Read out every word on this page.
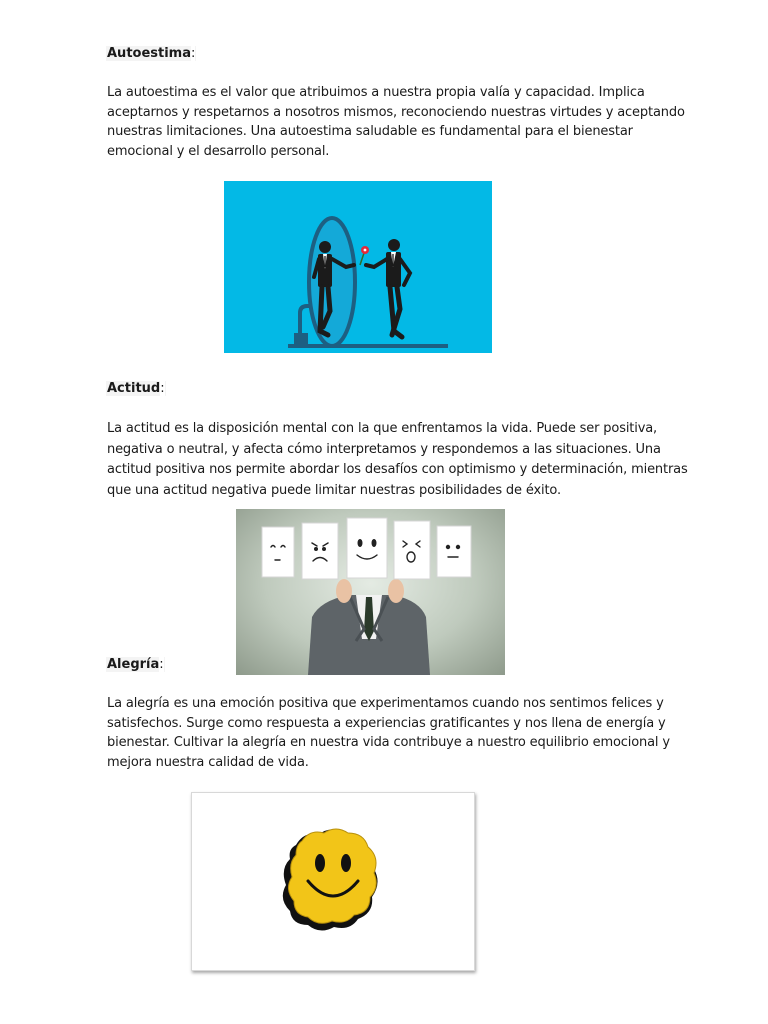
Autoestima:
La autoestima es el valor que atribuimos a nuestra propia valía y capacidad. Implica
aceptarnos y respetarnos a nosotros mismos, reconociendo nuestras virtudes y aceptando
nuestras limitaciones. Una autoestima saludable es fundamental para el bienestar
emocional y el desarrollo personal.
Actitud:
La actitud es la disposición mental con la que enfrentamos la vida. Puede ser positiva,
negativa o neutral, y afecta cómo interpretamos y respondemos a las situaciones. Una
actitud positiva nos permite abordar los desafíos con optimismo y determinación, mientras
que una actitud negativa puede limitar nuestras posibilidades de éxito.
Alegría:
La alegría es una emoción positiva que experimentamos cuando nos sentimos felices y
satisfechos. Surge como respuesta a experiencias gratificantes y nos llena de energía y
bienestar. Cultivar la alegría en nuestra vida contribuye a nuestro equilibrio emocional y
mejora nuestra calidad de vida.
